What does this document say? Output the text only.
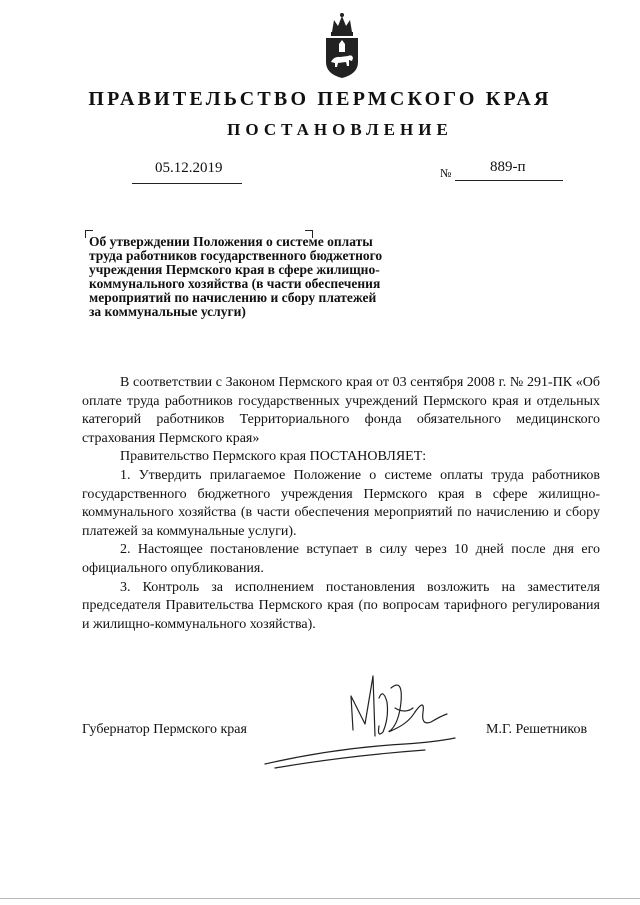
ПРАВИТЕЛЬСТВО ПЕРМСКОГО КРАЯ
ПОСТАНОВЛЕНИЕ
05.12.2019	№	889-п
Об утверждении Положения о системе оплаты
труда работников государственного бюджетного
учреждения Пермского края в сфере жилищно-
коммунального хозяйства (в части обеспечения
мероприятий по начислению и сбору платежей
за коммунальные услуги)

В соответствии с Законом Пермского края от 03 сентября 2008 г. № 291-ПК «Об оплате труда работников государственных учреждений Пермского края и отдельных категорий работников Территориального фонда обязательного медицинского страхования Пермского края»

Правительство Пермского края ПОСТАНОВЛЯЕТ:

1. Утвердить прилагаемое Положение о системе оплаты труда работников государственного бюджетного учреждения Пермского края в сфере жилищно-коммунального хозяйства (в части обеспечения мероприятий по начислению и сбору платежей за коммунальные услуги).

2. Настоящее постановление вступает в силу через 10 дней после дня его официального опубликования.

3. Контроль за исполнением постановления возложить на заместителя председателя Правительства Пермского края (по вопросам тарифного регулирования и жилищно-коммунального хозяйства).

Губернатор Пермского края	М.Г. Решетников
